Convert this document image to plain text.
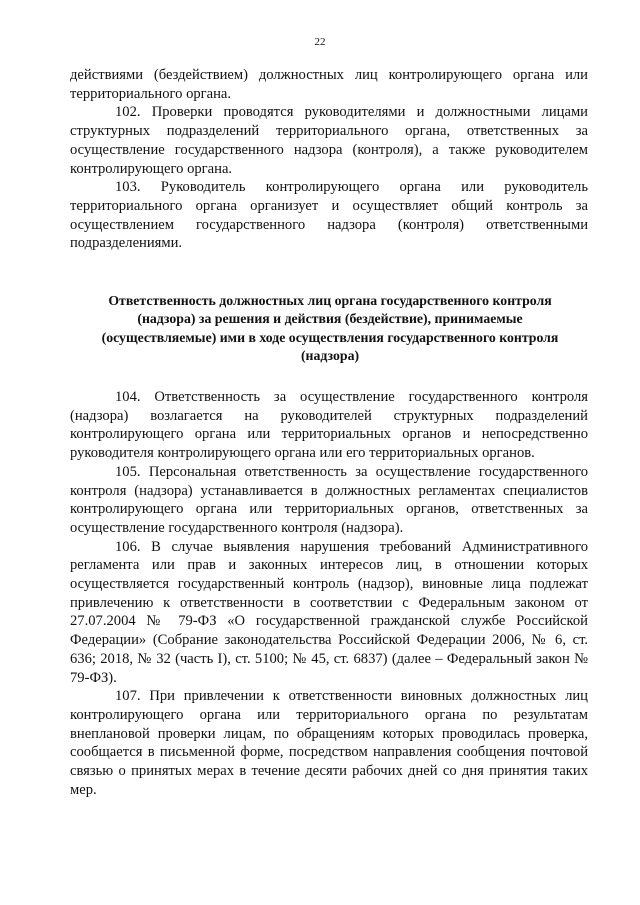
22

действиями (бездействием) должностных лиц контролирующего органа или территориального органа.

102. Проверки проводятся руководителями и должностными лицами структурных подразделений территориального органа, ответственных за осуществление государственного надзора (контроля), а также руководителем контролирующего органа.

103. Руководитель контролирующего органа или руководитель территориального органа организует и осуществляет общий контроль за осуществлением государственного надзора (контроля) ответственными подразделениями.

Ответственность должностных лиц органа государственного контроля (надзора) за решения и действия (бездействие), принимаемые (осуществляемые) ими в ходе осуществления государственного контроля (надзора)

104. Ответственность за осуществление государственного контроля (надзора) возлагается на руководителей структурных подразделений контролирующего органа или территориальных органов и непосредственно руководителя контролирующего органа или его территориальных органов.

105. Персональная ответственность за осуществление государственного контроля (надзора) устанавливается в должностных регламентах специалистов контролирующего органа или территориальных органов, ответственных за осуществление государственного контроля (надзора).

106. В случае выявления нарушения требований Административного регламента или прав и законных интересов лиц, в отношении которых осуществляется государственный контроль (надзор), виновные лица подлежат привлечению к ответственности в соответствии с Федеральным законом от 27.07.2004 № 79-ФЗ «О государственной гражданской службе Российской Федерации» (Собрание законодательства Российской Федерации 2006, № 6, ст. 636; 2018, № 32 (часть I), ст. 5100; № 45, ст. 6837) (далее – Федеральный закон № 79-ФЗ).

107. При привлечении к ответственности виновных должностных лиц контролирующего органа или территориального органа по результатам внеплановой проверки лицам, по обращениям которых проводилась проверка, сообщается в письменной форме, посредством направления сообщения почтовой связью о принятых мерах в течение десяти рабочих дней со дня принятия таких мер.
